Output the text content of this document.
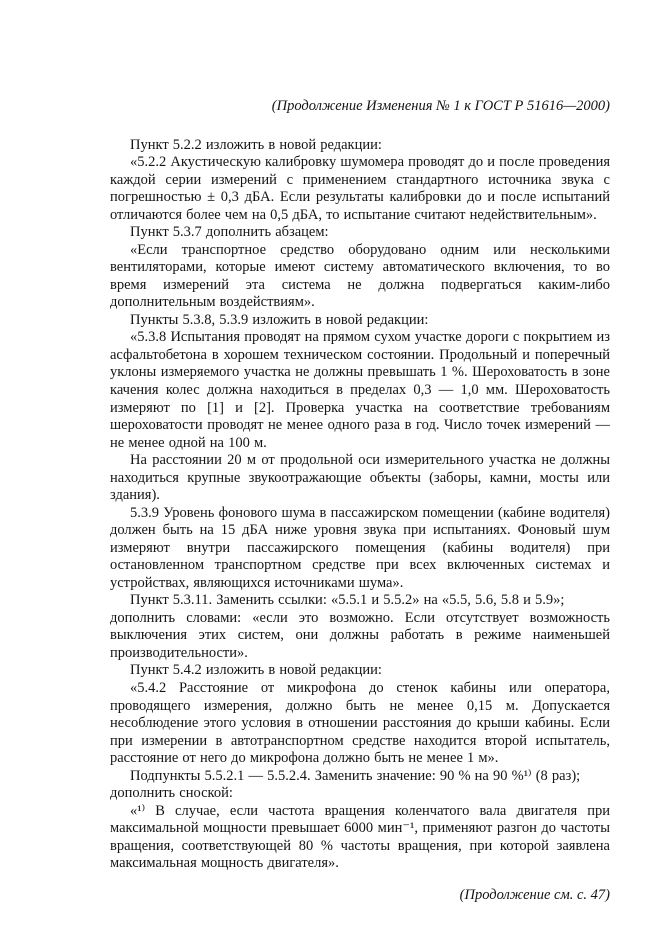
(Продолжение Изменения № 1 к ГОСТ Р 51616—2000)

Пункт 5.2.2 изложить в новой редакции:

«5.2.2 Акустическую калибровку шумомера проводят до и после проведения каждой серии измерений с применением стандартного источника звука с погрешностью ± 0,3 дБА. Если результаты калибровки до и после испытаний отличаются более чем на 0,5 дБА, то испытание считают недействительным».

Пункт 5.3.7 дополнить абзацем:

«Если транспортное средство оборудовано одним или несколькими вентиляторами, которые имеют систему автоматического включения, то во время измерений эта система не должна подвергаться каким-либо дополнительным воздействиям».

Пункты 5.3.8, 5.3.9 изложить в новой редакции:

«5.3.8 Испытания проводят на прямом сухом участке дороги с покрытием из асфальтобетона в хорошем техническом состоянии. Продольный и поперечный уклоны измеряемого участка не должны превышать 1 %. Шероховатость в зоне качения колес должна находиться в пределах 0,3 — 1,0 мм. Шероховатость измеряют по [1] и [2]. Проверка участка на соответствие требованиям шероховатости проводят не менее одного раза в год. Число точек измерений — не менее одной на 100 м.

На расстоянии 20 м от продольной оси измерительного участка не должны находиться крупные звукоотражающие объекты (заборы, камни, мосты или здания).

5.3.9 Уровень фонового шума в пассажирском помещении (кабине водителя) должен быть на 15 дБА ниже уровня звука при испытаниях. Фоновый шум измеряют внутри пассажирского помещения (кабины водителя) при остановленном транспортном средстве при всех включенных системах и устройствах, являющихся источниками шума».

Пункт 5.3.11. Заменить ссылки: «5.5.1 и 5.5.2» на «5.5, 5.6, 5.8 и 5.9»;

дополнить словами: «если это возможно. Если отсутствует возможность выключения этих систем, они должны работать в режиме наименьшей производительности».

Пункт 5.4.2 изложить в новой редакции:

«5.4.2 Расстояние от микрофона до стенок кабины или оператора, проводящего измерения, должно быть не менее 0,15 м. Допускается несоблюдение этого условия в отношении расстояния до крыши кабины. Если при измерении в автотранспортном средстве находится второй испытатель, расстояние от него до микрофона должно быть не менее 1 м».

Подпункты 5.5.2.1 — 5.5.2.4. Заменить значение: 90 % на 90 %¹⁾ (8 раз);

дополнить сноской:

«¹⁾ В случае, если частота вращения коленчатого вала двигателя при максимальной мощности превышает 6000 мин⁻¹, применяют разгон до частоты вращения, соответствующей 80 % частоты вращения, при которой заявлена максимальная мощность двигателя».

(Продолжение см. с. 47)
